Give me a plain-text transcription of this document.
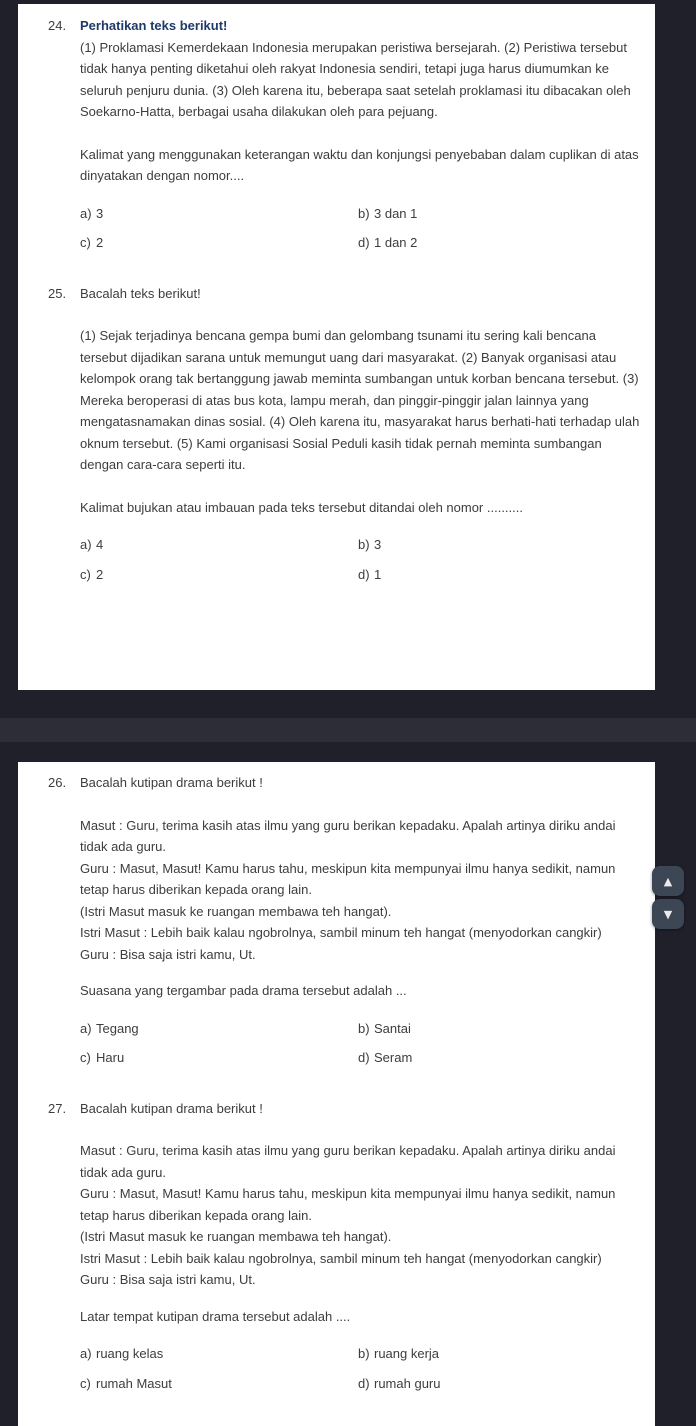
24.	Perhatikan teks berikut!

(1) Proklamasi Kemerdekaan Indonesia merupakan peristiwa bersejarah. (2) Peristiwa tersebut tidak hanya penting diketahui oleh rakyat Indonesia sendiri, tetapi juga harus diumumkan ke seluruh penjuru dunia. (3) Oleh karena itu, beberapa saat setelah proklamasi itu dibacakan oleh Soekarno-Hatta, berbagai usaha dilakukan oleh para pejuang.

Kalimat yang menggunakan keterangan waktu dan konjungsi penyebaban dalam cuplikan di atas dinyatakan dengan nomor....

a) 3	b) 3 dan 1
c) 2	d) 1 dan 2
25.	Bacalah teks berikut!

(1) Sejak terjadinya bencana gempa bumi dan gelombang tsunami itu sering kali bencana tersebut dijadikan sarana untuk memungut uang dari masyarakat. (2) Banyak organisasi atau kelompok orang tak bertanggung jawab meminta sumbangan untuk korban bencana tersebut. (3) Mereka beroperasi di atas bus kota, lampu merah, dan pinggir-pinggir jalan lainnya yang mengatasnamakan dinas sosial. (4) Oleh karena itu, masyarakat harus berhati-hati terhadap ulah oknum tersebut. (5) Kami organisasi Sosial Peduli kasih tidak pernah meminta sumbangan dengan cara-cara seperti itu.

Kalimat bujukan atau imbauan pada teks tersebut ditandai oleh nomor ..........

a) 4	b) 3
c) 2	d) 1
26.	Bacalah kutipan drama berikut !

Masut : Guru, terima kasih atas ilmu yang guru berikan kepadaku. Apalah artinya diriku andai tidak ada guru.

Guru : Masut, Masut! Kamu harus tahu, meskipun kita mempunyai ilmu hanya sedikit, namun tetap harus diberikan kepada orang lain.

(Istri Masut masuk ke ruangan membawa teh hangat).

Istri Masut : Lebih baik kalau ngobrolnya, sambil minum teh hangat (menyodorkan cangkir)

Guru : Bisa saja istri kamu, Ut.

Suasana yang tergambar pada drama tersebut adalah ...

a) Tegang	b) Santai
c) Haru	d) Seram
27.	Bacalah kutipan drama berikut !

Masut : Guru, terima kasih atas ilmu yang guru berikan kepadaku. Apalah artinya diriku andai tidak ada guru.

Guru : Masut, Masut! Kamu harus tahu, meskipun kita mempunyai ilmu hanya sedikit, namun tetap harus diberikan kepada orang lain.

(Istri Masut masuk ke ruangan membawa teh hangat).

Istri Masut : Lebih baik kalau ngobrolnya, sambil minum teh hangat (menyodorkan cangkir)

Guru : Bisa saja istri kamu, Ut.

Latar tempat kutipan drama tersebut adalah ....

a) ruang kelas	b) ruang kerja
c) rumah Masut	d) rumah guru
▲
▼
